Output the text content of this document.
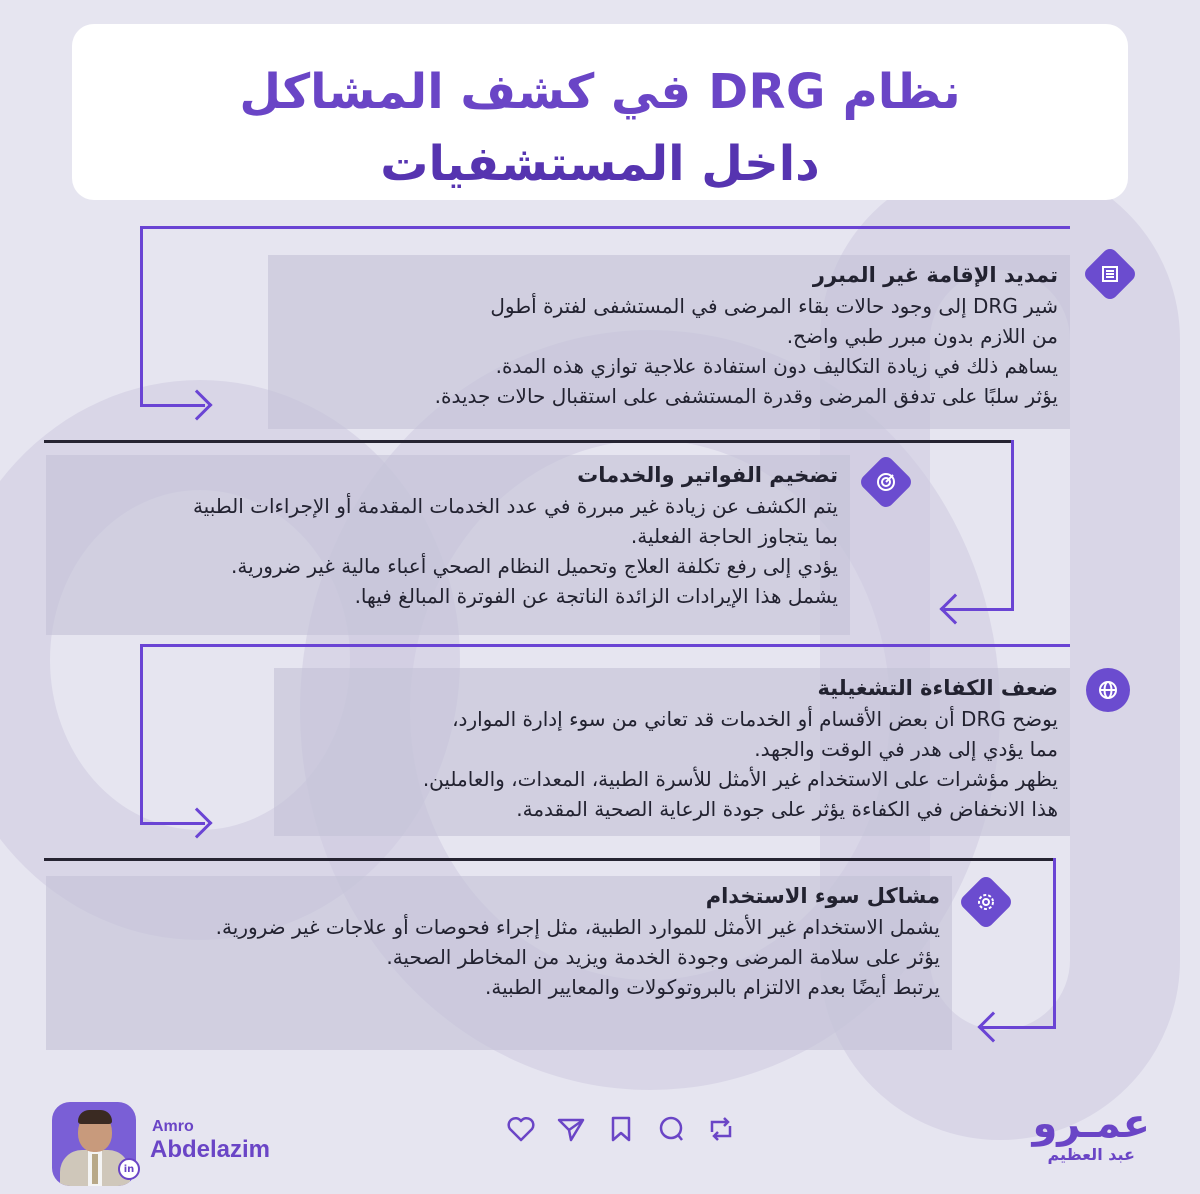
نظام DRG في كشف المشاكل
داخل المستشفيات
تمديد الإقامة غير المبرر
شير DRG إلى وجود حالات بقاء المرضى في المستشفى لفترة أطول
من اللازم بدون مبرر طبي واضح.
يساهم ذلك في زيادة التكاليف دون استفادة علاجية توازي هذه المدة.
يؤثر سلبًا على تدفق المرضى وقدرة المستشفى على استقبال حالات جديدة.
تضخيم الفواتير والخدمات
يتم الكشف عن زيادة غير مبررة في عدد الخدمات المقدمة أو الإجراءات الطبية
بما يتجاوز الحاجة الفعلية.
يؤدي إلى رفع تكلفة العلاج وتحميل النظام الصحي أعباء مالية غير ضرورية.
يشمل هذا الإيرادات الزائدة الناتجة عن الفوترة المبالغ فيها.
ضعف الكفاءة التشغيلية
يوضح DRG أن بعض الأقسام أو الخدمات قد تعاني من سوء إدارة الموارد،
مما يؤدي إلى هدر في الوقت والجهد.
يظهر مؤشرات على الاستخدام غير الأمثل للأسرة الطبية، المعدات، والعاملين.
هذا الانخفاض في الكفاءة يؤثر على جودة الرعاية الصحية المقدمة.
مشاكل سوء الاستخدام
يشمل الاستخدام غير الأمثل للموارد الطبية، مثل إجراء فحوصات أو علاجات غير ضرورية.
يؤثر على سلامة المرضى وجودة الخدمة ويزيد من المخاطر الصحية.
يرتبط أيضًا بعدم الالتزام بالبروتوكولات والمعايير الطبية.
in
Amro
Abdelazim
عمـرو
عبد العظيم
